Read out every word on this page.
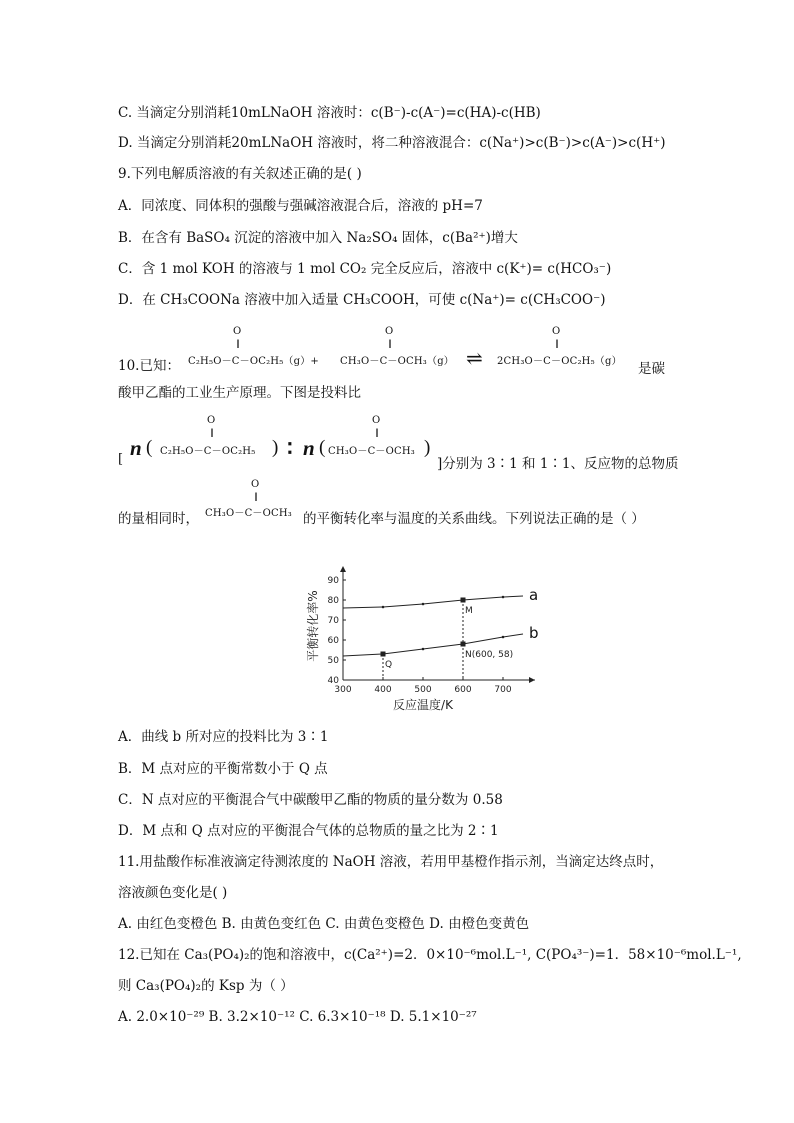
C. 当滴定分别消耗10mLNaOH 溶液时：c(B⁻)-c(A⁻)=c(HA)-c(HB)
D. 当滴定分别消耗20mLNaOH 溶液时，将二种溶液混合：c(Na⁺)>c(B⁻)>c(A⁻)>c(H⁺)
9.下列电解质溶液的有关叙述正确的是( )
A．同浓度、同体积的强酸与强碱溶液混合后，溶液的 pH=7
B．在含有 BaSO₄ 沉淀的溶液中加入 Na₂SO₄ 固体，c(Ba²⁺)增大
C．含 1 mol KOH 的溶液与 1 mol CO₂ 完全反应后，溶液中 c(K⁺)= c(HCO₃⁻)
D．在 CH₃COONa 溶液中加入适量 CH₃COOH，可使 c(Na⁺)= c(CH₃COO⁻)
10.已知：
O
‖
C₂H₅O－C－OC₂H₅（g）+
O
‖
CH₃O－C－OCH₃（g） ⇌
O
‖
2CH₃O－C－OC₂H₅（g） 是碳
酸甲乙酯的工业生产原理。下图是投料比
[ n (
O
‖
C₂H₅O－C－OC₂H₅ ) ∶ n (
O
‖
CH₃O－C－OCH₃ )
]分别为 3∶1 和 1∶1、反应物的总物质
的量相同时，
O
‖
CH₃O－C－OCH₃ 的平衡转化率与温度的关系曲线。下列说法正确的是（ ）
300	400	500	600	700
40
50
60
70
80
90
反应温度/K
平衡转化率%	a
b
M
Q
N(600, 58)
A．曲线 b 所对应的投料比为 3∶1
B．M 点对应的平衡常数小于 Q 点
C．N 点对应的平衡混合气中碳酸甲乙酯的物质的量分数为 0.58
D．M 点和 Q 点对应的平衡混合气体的总物质的量之比为 2∶1
11.用盐酸作标准液滴定待测浓度的 NaOH 溶液，若用甲基橙作指示剂，当滴定达终点时，
溶液颜色变化是( )
A. 由红色变橙色 B. 由黄色变红色 C. 由黄色变橙色 D. 由橙色变黄色
12.已知在 Ca₃(PO₄)₂的饱和溶液中，c(Ca²⁺)=2．0×10⁻⁶mol.L⁻¹, C(PO₄³⁻)=1．58×10⁻⁶mol.L⁻¹,
则 Ca₃(PO₄)₂的 Ksp 为（ ）
A. 2.0×10⁻²⁹ B. 3.2×10⁻¹² C. 6.3×10⁻¹⁸ D. 5.1×10⁻²⁷
